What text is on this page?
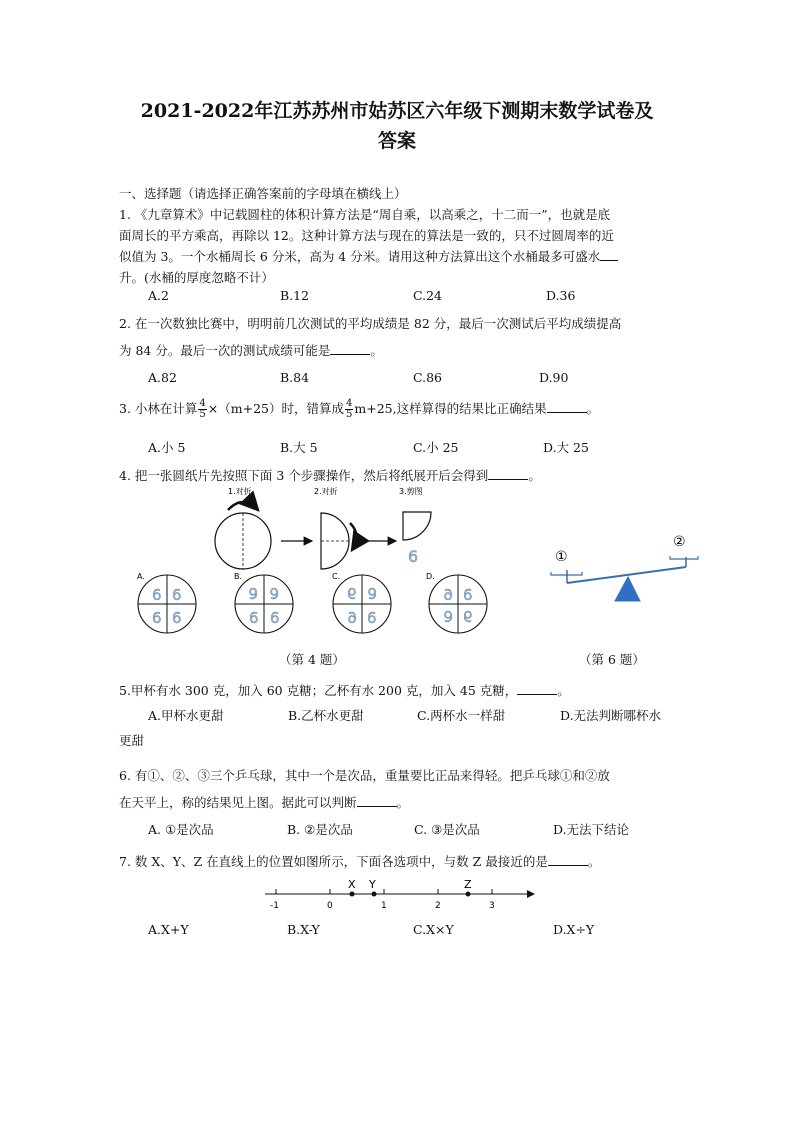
2021-2022年江苏苏州市姑苏区六年级下测期末数学试卷及
答案
一、选择题（请选择正确答案前的字母填在横线上）
1. 《九章算术》中记载圆柱的体积计算方法是“周自乘，以高乘之，十二而一”，也就是底
面周长的平方乘高，再除以 12。这种计算方法与现在的算法是一致的，只不过圆周率的近
似值为 3。一个水桶周长 6 分米，高为 4 分米。请用这种方法算出这个水桶最多可盛水
升。(水桶的厚度忽略不计）
A.2	B.12	C.24	D.36
2. 在一次数独比赛中，明明前几次测试的平均成绩是 82 分，最后一次测试后平均成绩提高
为 84 分。最后一次的测试成绩可能是	。
A.82	B.84	C.86	D.90
3. 小林在计算 $\frac{4}{5} \times(m+25)$时，错算成 $\frac{4}{5} m+25$,这样算得的结果比正确结果	。
A.小 5	B.大 5	C.小 25	D.大 25
4. 把一张圆纸片先按照下面 3 个步骤操作，然后将纸展开后会得到	。
1.对折	2.对折	3.剪图
6
A.
6 6
6 6
B.
6 6
6 6
C.
6 6
6 6
D.
6 6
6 6
①
②
（第 4 题）	（第 6 题）
5.甲杯有水 300 克，加入 60 克糖；乙杯有水 200 克，加入 45 克糖，	。
A.甲杯水更甜	B.乙杯水更甜	C.两杯水一样甜	D.无法判断哪杯水
更甜
6. 有①、②、③三个乒乓球，其中一个是次品，重量要比正品来得轻。把乒乓球①和②放
在天平上，称的结果见上图。据此可以判断	。
A. ①是次品	B. ②是次品	C. ③是次品	D.无法下结论
7. 数 X、Y、Z 在直线上的位置如图所示，下面各选项中，与数 Z 最接近的是	。
-1	0	1	2	3
X Y	Z
A.X+Y	B.X-Y	C.X×Y	D.X÷Y
